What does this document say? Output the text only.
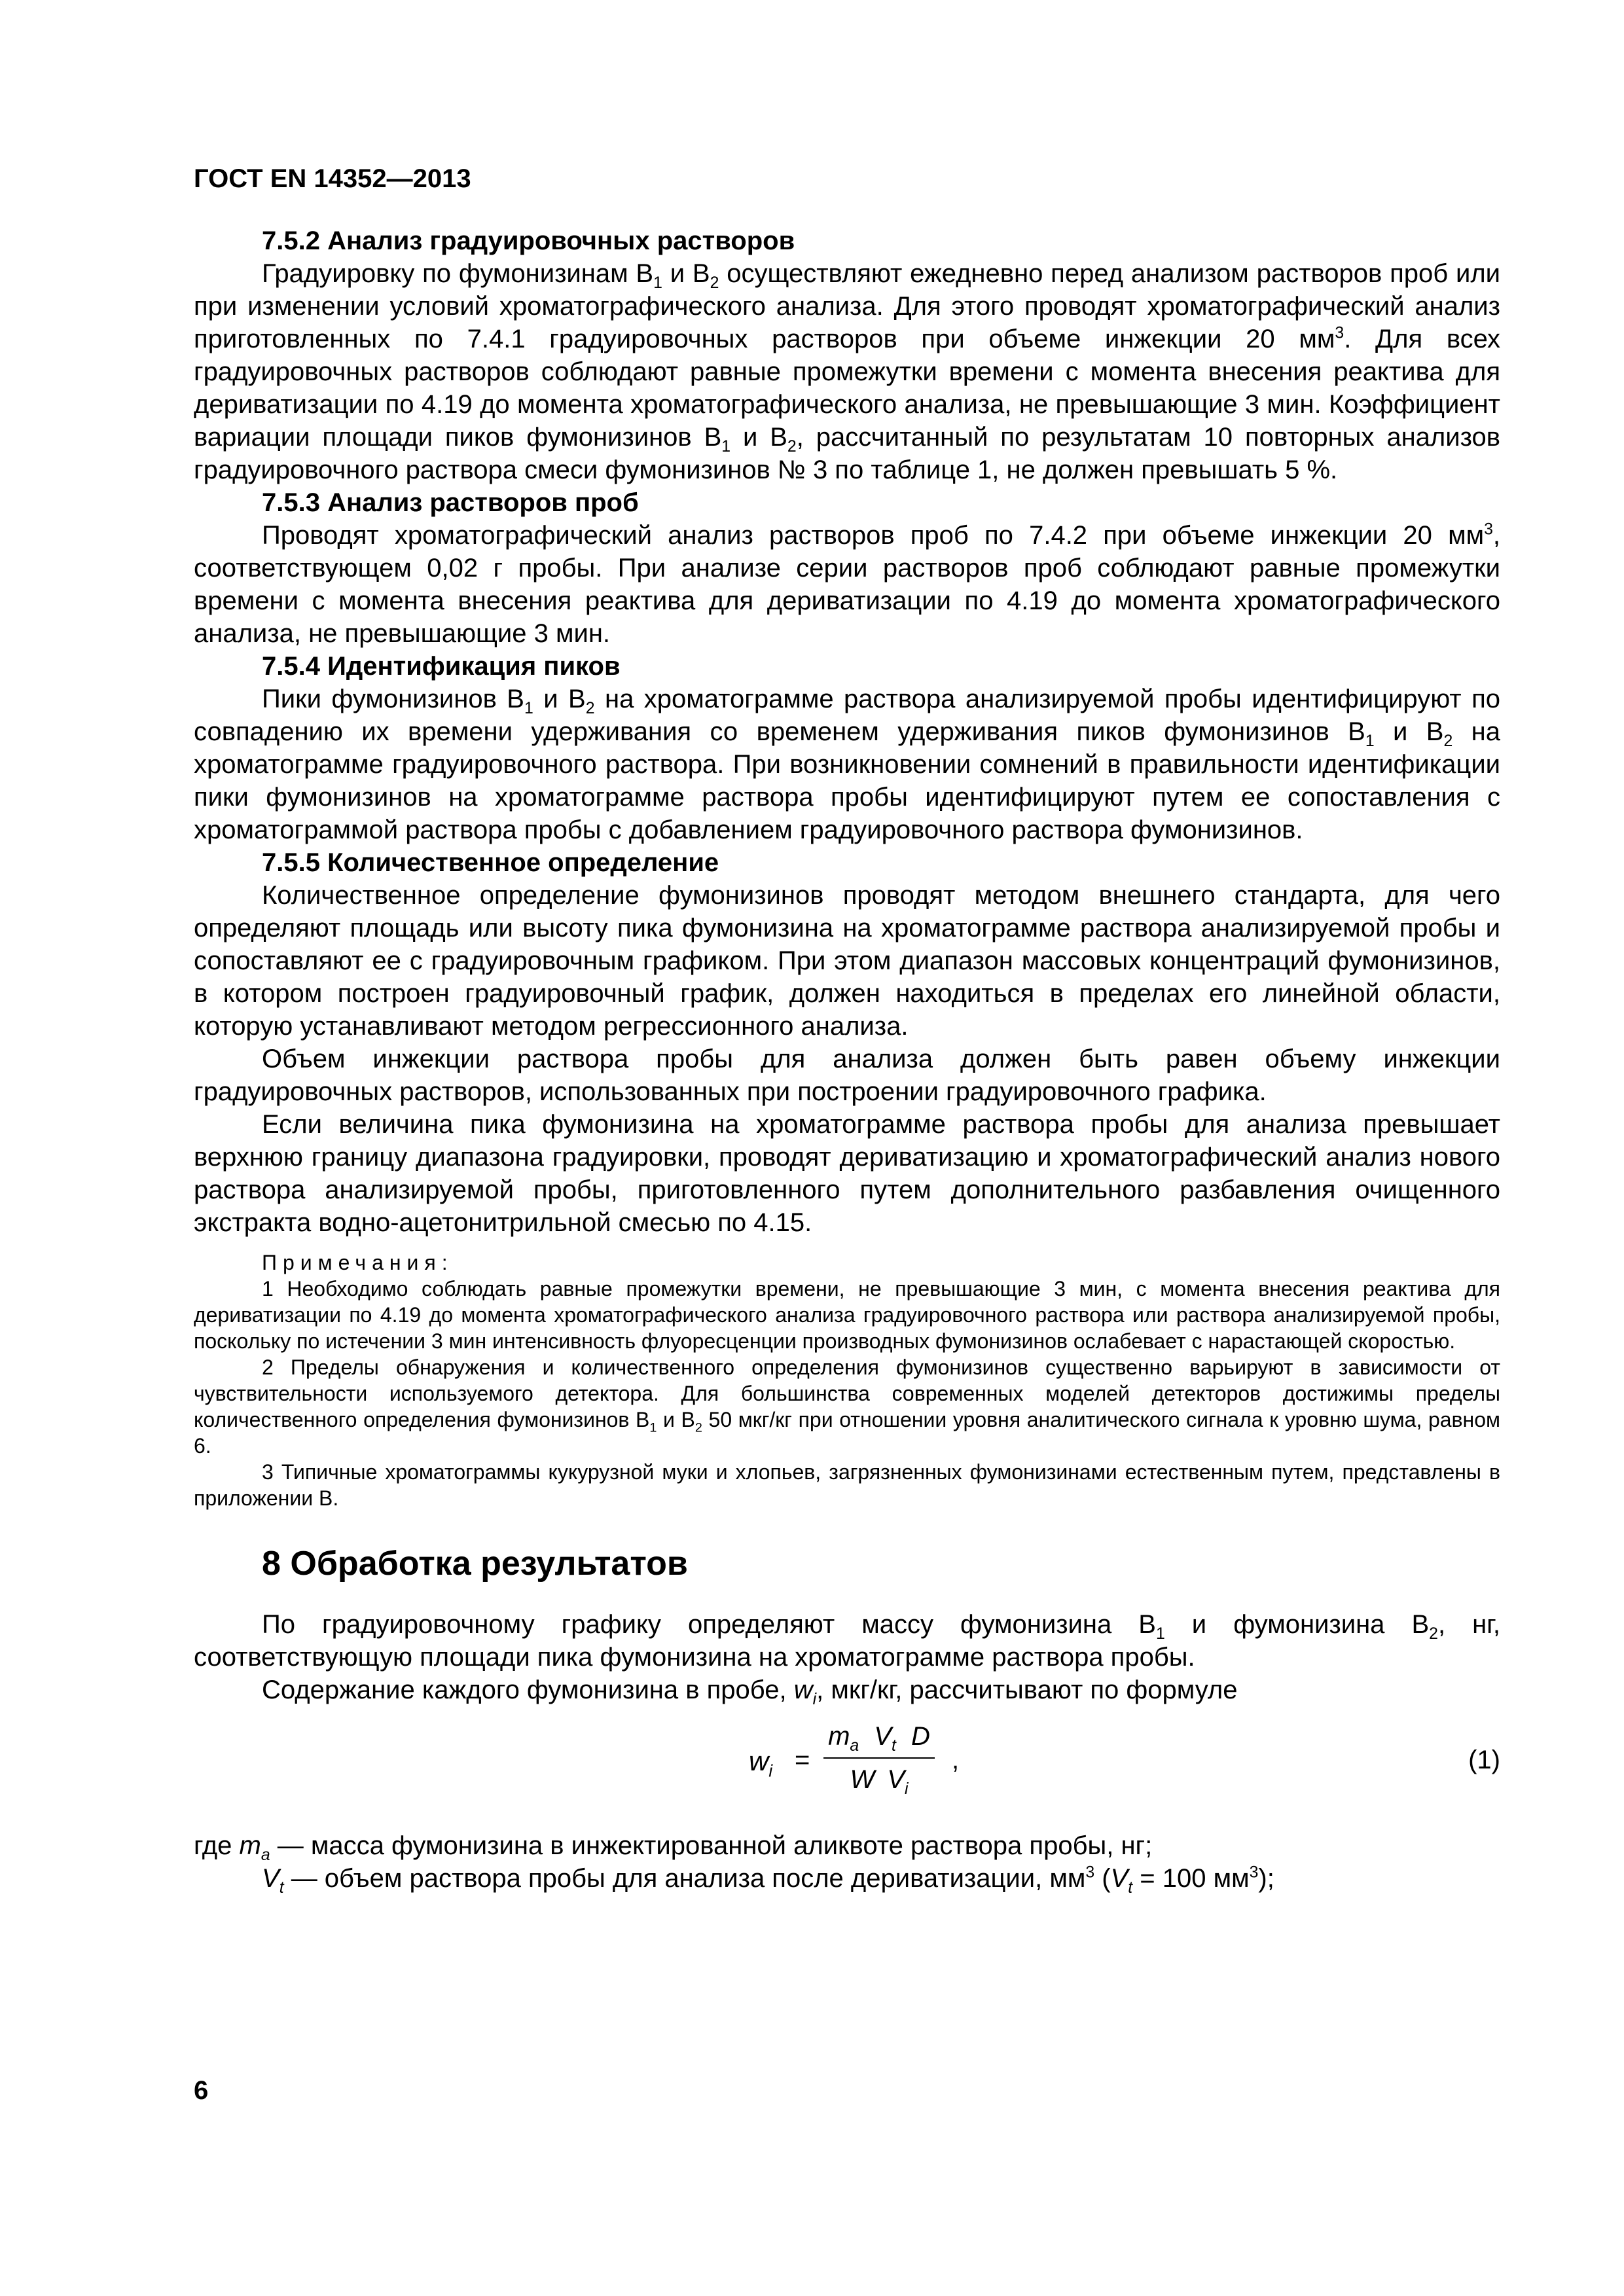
ГОСТ EN 14352—2013
7.5.2 Анализ градуировочных растворов

Градуировку по фумонизинам $B_1$ и $B_2$ осуществляют ежедневно перед анализом растворов проб или при изменении условий хроматографического анализа. Для этого проводят хроматографический анализ приготовленных по 7.4.1 градуировочных растворов при объеме инжекции 20 $мм^3$. Для всех градуировочных растворов соблюдают равные промежутки времени с момента внесения реактива для дериватизации по 4.19 до момента хроматографического анализа, не превышающие 3 мин. Коэффициент вариации площади пиков фумонизинов $B_1$ и $B_2$, рассчитанный по результатам 10 повторных анализов градуировочного раствора смеси фумонизинов № 3 по таблице 1, не должен превышать 5 %.

7.5.3 Анализ растворов проб

Проводят хроматографический анализ растворов проб по 7.4.2 при объеме инжекции 20 $мм^3$, соответствующем 0,02 г пробы. При анализе серии растворов проб соблюдают равные промежутки времени с момента внесения реактива для дериватизации по 4.19 до момента хроматографического анализа, не превышающие 3 мин.

7.5.4 Идентификация пиков

Пики фумонизинов $B_1$ и $B_2$ на хроматограмме раствора анализируемой пробы идентифицируют по совпадению их времени удерживания со временем удерживания пиков фумонизинов $B_1$ и $B_2$ на хроматограмме градуировочного раствора. При возникновении сомнений в правильности идентификации пики фумонизинов на хроматограмме раствора пробы идентифицируют путем ее сопоставления с хроматограммой раствора пробы с добавлением градуировочного раствора фумонизинов.

7.5.5 Количественное определение

Количественное определение фумонизинов проводят методом внешнего стандарта, для чего определяют площадь или высоту пика фумонизина на хроматограмме раствора анализируемой пробы и сопоставляют ее с градуировочным графиком. При этом диапазон массовых концентраций фумонизинов, в котором построен градуировочный график, должен находиться в пределах его линейной области, которую устанавливают методом регрессионного анализа.

Объем инжекции раствора пробы для анализа должен быть равен объему инжекции градуировочных растворов, использованных при построении градуировочного графика.

Если величина пика фумонизина на хроматограмме раствора пробы для анализа превышает верхнюю границу диапазона градуировки, проводят дериватизацию и хроматографический анализ нового раствора анализируемой пробы, приготовленного путем дополнительного разбавления очищенного экстракта водно-ацетонитрильной смесью по 4.15.

Примечания:

1 Необходимо соблюдать равные промежутки времени, не превышающие 3 мин, с момента внесения реактива для дериватизации по 4.19 до момента хроматографического анализа градуировочного раствора или раствора анализируемой пробы, поскольку по истечении 3 мин интенсивность флуоресценции производных фумонизинов ослабевает с нарастающей скоростью.

2 Пределы обнаружения и количественного определения фумонизинов существенно варьируют в зависимости от чувствительности используемого детектора. Для большинства современных моделей детекторов достижимы пределы количественного определения фумонизинов $B_1$ и $B_2$ 50 мкг/кг при отношении уровня аналитического сигнала к уровню шума, равном 6.

3 Типичные хроматограммы кукурузной муки и хлопьев, загрязненных фумонизинами естественным путем, представлены в приложении B.

8 Обработка результатов

По градуировочному графику определяют массу фумонизина $B_1$ и фумонизина $B_2$, нг, соответствующую площади пика фумонизина на хроматограмме раствора пробы.

Содержание каждого фумонизина в пробе, $w_i$, мкг/кг, рассчитывают по формуле

$w_i$ =
$m_a$ $V_t$ D
W $V_i$
,	(1)

где $m_a$ — масса фумонизина в инжектированной аликвоте раствора пробы, нг;

$V_t$ — объем раствора пробы для анализа после дериватизации, $мм^3$ ($V_t = 100$ $мм^3$);

6
